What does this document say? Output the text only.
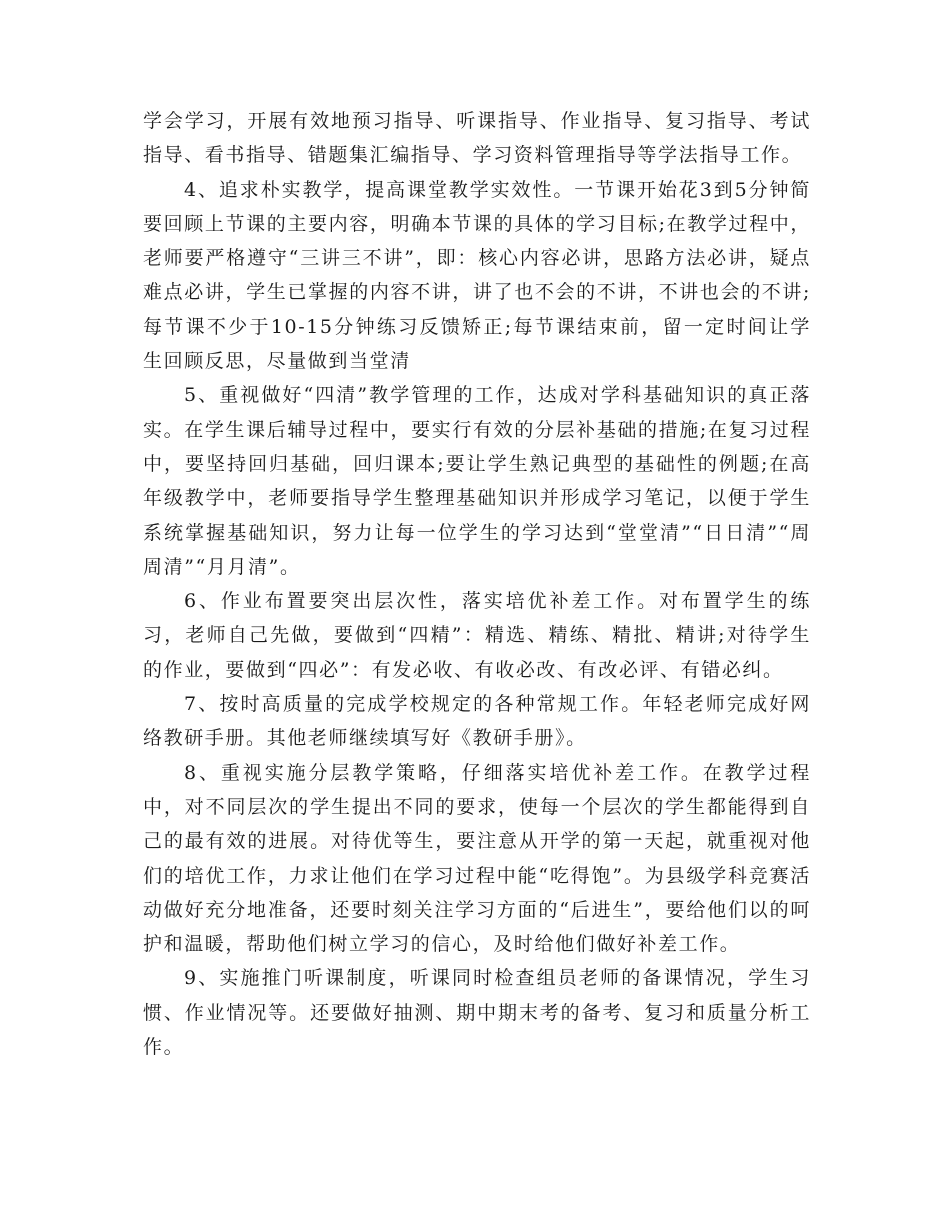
学会学习，开展有效地预习指导、听课指导、作业指导、复习指导、考试指导、看书指导、错题集汇编指导、学习资料管理指导等学法指导工作。

4、追求朴实教学，提高课堂教学实效性。一节课开始花3到5分钟简要回顾上节课的主要内容，明确本节课的具体的学习目标;在教学过程中，老师要严格遵守“三讲三不讲”，即：核心内容必讲，思路方法必讲，疑点难点必讲，学生已掌握的内容不讲，讲了也不会的不讲，不讲也会的不讲;每节课不少于10-15分钟练习反馈矫正;每节课结束前，留一定时间让学生回顾反思，尽量做到当堂清

5、重视做好“四清”教学管理的工作，达成对学科基础知识的真正落实。在学生课后辅导过程中，要实行有效的分层补基础的措施;在复习过程中，要坚持回归基础，回归课本;要让学生熟记典型的基础性的例题;在高年级教学中，老师要指导学生整理基础知识并形成学习笔记，以便于学生系统掌握基础知识，努力让每一位学生的学习达到“堂堂清”“日日清”“周周清”“月月清”。

6、作业布置要突出层次性，落实培优补差工作。对布置学生的练习，老师自己先做，要做到“四精”：精选、精练、精批、精讲;对待学生的作业，要做到“四必”：有发必收、有收必改、有改必评、有错必纠。

7、按时高质量的完成学校规定的各种常规工作。年轻老师完成好网络教研手册。其他老师继续填写好《教研手册》。

8、重视实施分层教学策略，仔细落实培优补差工作。在教学过程中，对不同层次的学生提出不同的要求，使每一个层次的学生都能得到自己的最有效的进展。对待优等生，要注意从开学的第一天起，就重视对他们的培优工作，力求让他们在学习过程中能“吃得饱”。为县级学科竞赛活动做好充分地准备，还要时刻关注学习方面的“后进生”，要给他们以的呵护和温暖，帮助他们树立学习的信心，及时给他们做好补差工作。

9、实施推门听课制度，听课同时检查组员老师的备课情况，学生习惯、作业情况等。还要做好抽测、期中期末考的备考、复习和质量分析工作。
